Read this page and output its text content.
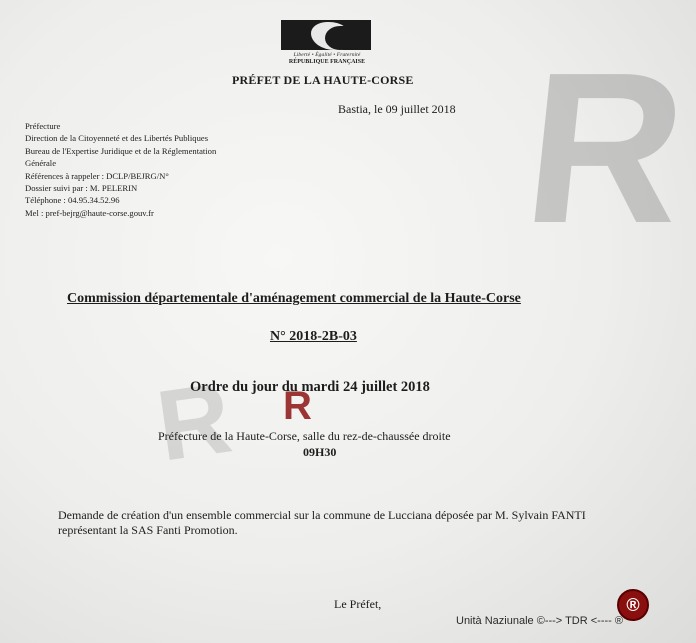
R
R
Liberté • Égalité • Fraternité
RÉPUBLIQUE FRANÇAISE
PRÉFET DE LA HAUTE-CORSE
Bastia, le 09 juillet 2018
Préfecture
Direction de la Citoyenneté et des Libertés Publiques
Bureau de l'Expertise Juridique et de la Réglementation Générale
Références à rappeler : DCLP/BEJRG/N°
Dossier suivi par : M. PELERIN
Téléphone : 04.95.34.52.96
Mel : pref-bejrg@haute-corse.gouv.fr
Commission départementale d'aménagement commercial de la Haute-Corse
N° 2018-2B-03
Ordre du jour du mardi 24 juillet 2018
R
Préfecture de la Haute-Corse, salle du rez-de-chaussée droite
09H30
Demande de création d'un ensemble commercial sur la commune de Lucciana déposée par M. Sylvain FANTI représentant la SAS Fanti Promotion.
Le Préfet,
Unità Naziunale ©---> TDR <---- ®
®
